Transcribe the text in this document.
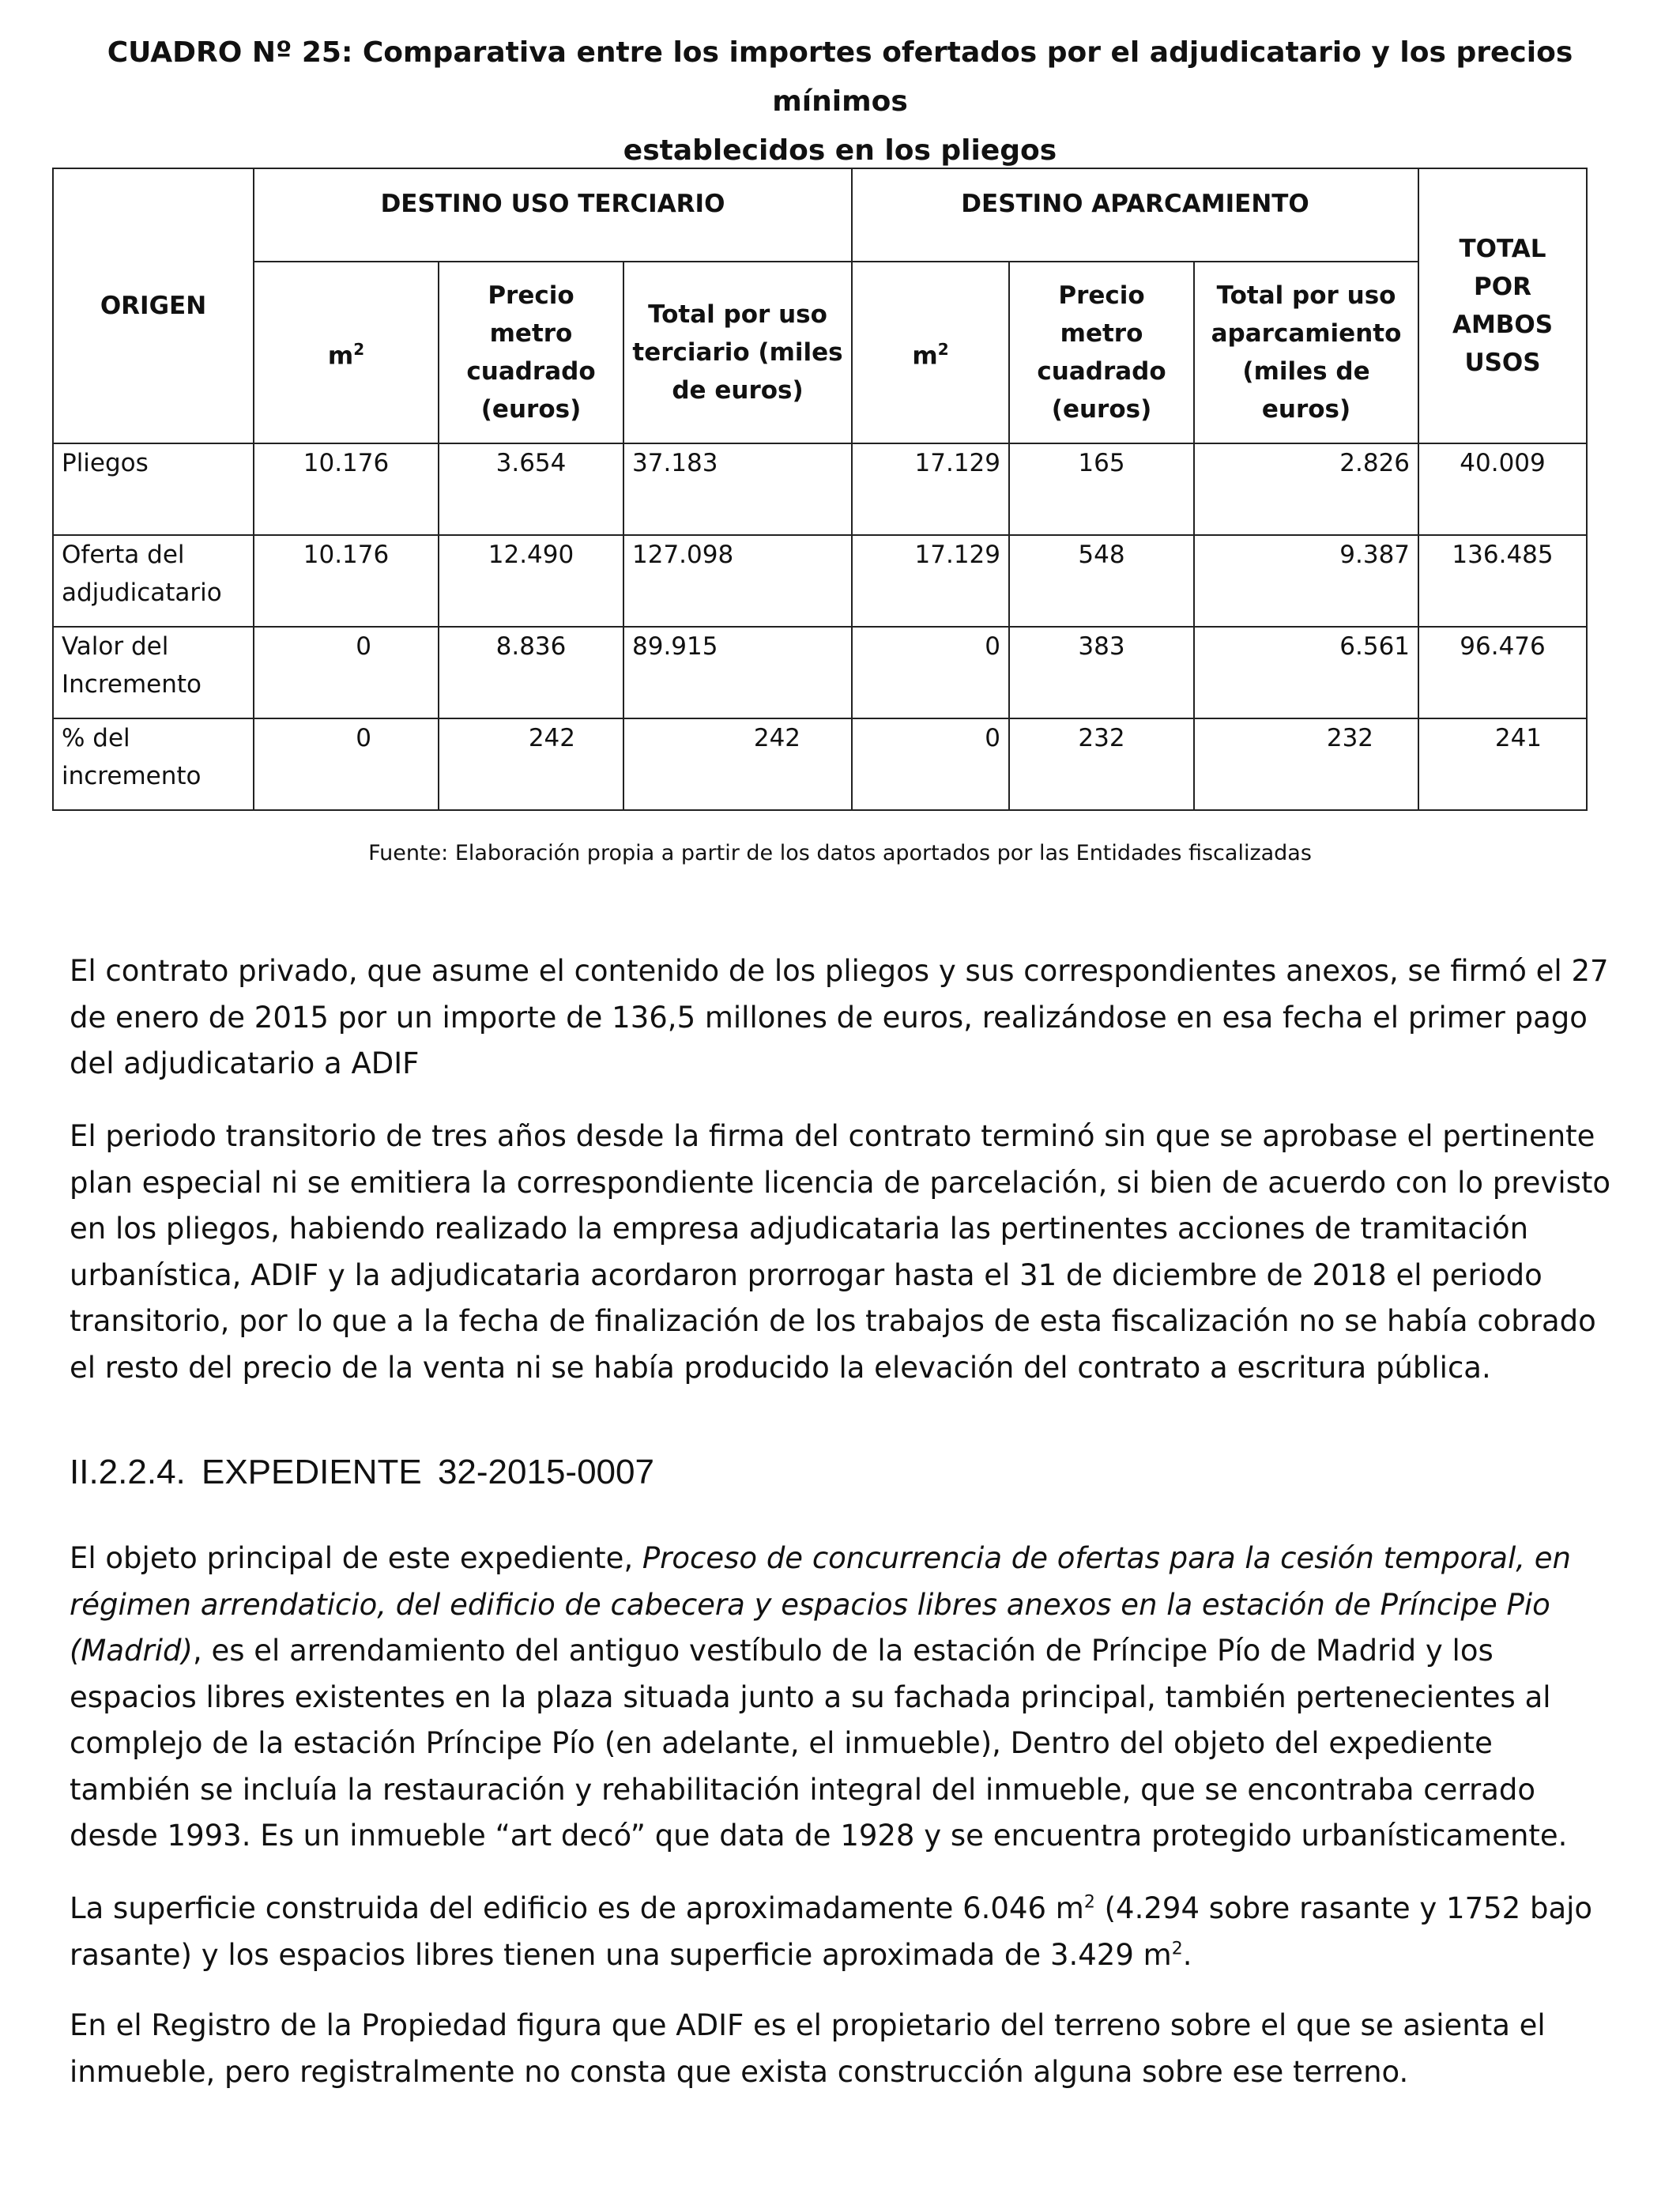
CUADRO Nº 25: Comparativa entre los importes ofertados por el adjudicatario y los precios mínimos
establecidos en los pliegos
ORIGEN	DESTINO USO TERCIARIO			DESTINO APARCAMIENTO			TOTAL POR AMBOS USOS
	$m^2$	Precio metro cuadrado (euros)	Total por uso terciario (miles de euros)	$m^2$	Precio metro cuadrado (euros)	Total por uso aparcamiento (miles de euros)	
Pliegos	10.176	3.654	37.183	17.129	165	2.826	40.009
Oferta del adjudicatario	10.176	12.490	127.098	17.129	548	9.387	136.485
Valor del Incremento	0	8.836	89.915	0	383	6.561	96.476
% del incremento	0	242	242	0	232	232	241
Fuente: Elaboración propia a partir de los datos aportados por las Entidades fiscalizadas

El contrato privado, que asume el contenido de los pliegos y sus correspondientes anexos, se firmó el 27 de enero de 2015 por un importe de 136,5 millones de euros, realizándose en esa fecha el primer pago del adjudicatario a ADIF

El periodo transitorio de tres años desde la firma del contrato terminó sin que se aprobase el pertinente plan especial ni se emitiera la correspondiente licencia de parcelación, si bien de acuerdo con lo previsto en los pliegos, habiendo realizado la empresa adjudicataria las pertinentes acciones de tramitación urbanística, ADIF y la adjudicataria acordaron prorrogar hasta el 31 de diciembre de 2018 el periodo transitorio, por lo que a la fecha de finalización de los trabajos de esta fiscalización no se había cobrado el resto del precio de la venta ni se había producido la elevación del contrato a escritura pública.

II.2.2.4. EXPEDIENTE 32-2015-0007

El objeto principal de este expediente, Proceso de concurrencia de ofertas para la cesión temporal, en régimen arrendaticio, del edificio de cabecera y espacios libres anexos en la estación de Príncipe Pio (Madrid), es el arrendamiento del antiguo vestíbulo de la estación de Príncipe Pío de Madrid y los espacios libres existentes en la plaza situada junto a su fachada principal, también pertenecientes al complejo de la estación Príncipe Pío (en adelante, el inmueble), Dentro del objeto del expediente también se incluía la restauración y rehabilitación integral del inmueble, que se encontraba cerrado desde 1993. Es un inmueble “art decó” que data de 1928 y se encuentra protegido urbanísticamente.

La superficie construida del edificio es de aproximadamente 6.046 $m^2$ (4.294 sobre rasante y 1752 bajo rasante) y los espacios libres tienen una superficie aproximada de 3.429 $m^2$.

En el Registro de la Propiedad figura que ADIF es el propietario del terreno sobre el que se asienta el inmueble, pero registralmente no consta que exista construcción alguna sobre ese terreno.
